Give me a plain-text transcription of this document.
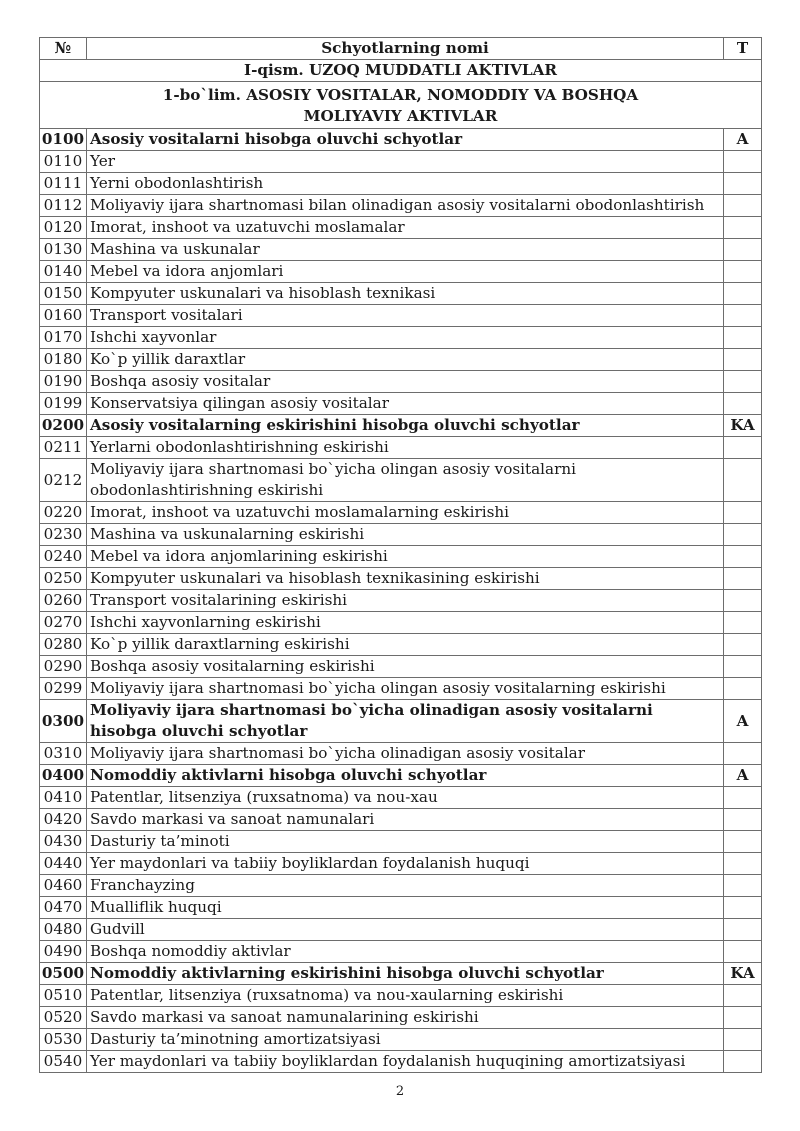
№	Schyotlarning nomi	T
I-qism. UZOQ MUDDATLI AKTIVLAR		
1-bo`lim. ASOSIY VOSITALAR, NOMODDIY VA BOSHQA MOLIYAVIY AKTIVLAR		
0100	Asosiy vositalarni hisobga oluvchi schyotlar	A
0110	Yer	
0111	Yerni obodonlashtirish	
0112	Moliyaviy ijara shartnomasi bilan olinadigan asosiy vositalarni obodonlashtirish	
0120	Imorat, inshoot va uzatuvchi moslamalar	
0130	Mashina va uskunalar	
0140	Mebel va idora anjomlari	
0150	Kompyuter uskunalari va hisoblash texnikasi	
0160	Transport vositalari	
0170	Ishchi xayvonlar	
0180	Ko`p yillik daraxtlar	
0190	Boshqa asosiy vositalar	
0199	Konservatsiya qilingan asosiy vositalar	
0200	Asosiy vositalarning eskirishini hisobga oluvchi schyotlar	KA
0211	Yerlarni obodonlashtirishning eskirishi	
0212	Moliyaviy ijara shartnomasi bo`yicha olingan asosiy vositalarni obodonlashtirishning eskirishi	
0220	Imorat, inshoot va uzatuvchi moslamalarning eskirishi	
0230	Mashina va uskunalarning eskirishi	
0240	Mebel va idora anjomlarining eskirishi	
0250	Kompyuter uskunalari va hisoblash texnikasining eskirishi	
0260	Transport vositalarining eskirishi	
0270	Ishchi xayvonlarning eskirishi	
0280	Ko`p yillik daraxtlarning eskirishi	
0290	Boshqa asosiy vositalarning eskirishi	
0299	Moliyaviy ijara shartnomasi bo`yicha olingan asosiy vositalarning eskirishi	
0300	Moliyaviy ijara shartnomasi bo`yicha olinadigan asosiy vositalarni hisobga oluvchi schyotlar	A
0310	Moliyaviy ijara shartnomasi bo`yicha olinadigan asosiy vositalar	
0400	Nomoddiy aktivlarni hisobga oluvchi schyotlar	A
0410	Patentlar, litsenziya (ruxsatnoma) va nou-xau	
0420	Savdo markasi va sanoat namunalari	
0430	Dasturiy ta’minoti	
0440	Yer maydonlari va tabiiy boyliklardan foydalanish huquqi	
0460	Franchayzing	
0470	Mualliflik huquqi	
0480	Gudvill	
0490	Boshqa nomoddiy aktivlar	
0500	Nomoddiy aktivlarning eskirishini hisobga oluvchi schyotlar	KA
0510	Patentlar, litsenziya (ruxsatnoma) va nou-xaularning eskirishi	
0520	Savdo markasi va sanoat namunalarining eskirishi	
0530	Dasturiy ta’minotning amortizatsiyasi	
0540	Yer maydonlari va tabiiy boyliklardan foydalanish huquqining amortizatsiyasi	
2
